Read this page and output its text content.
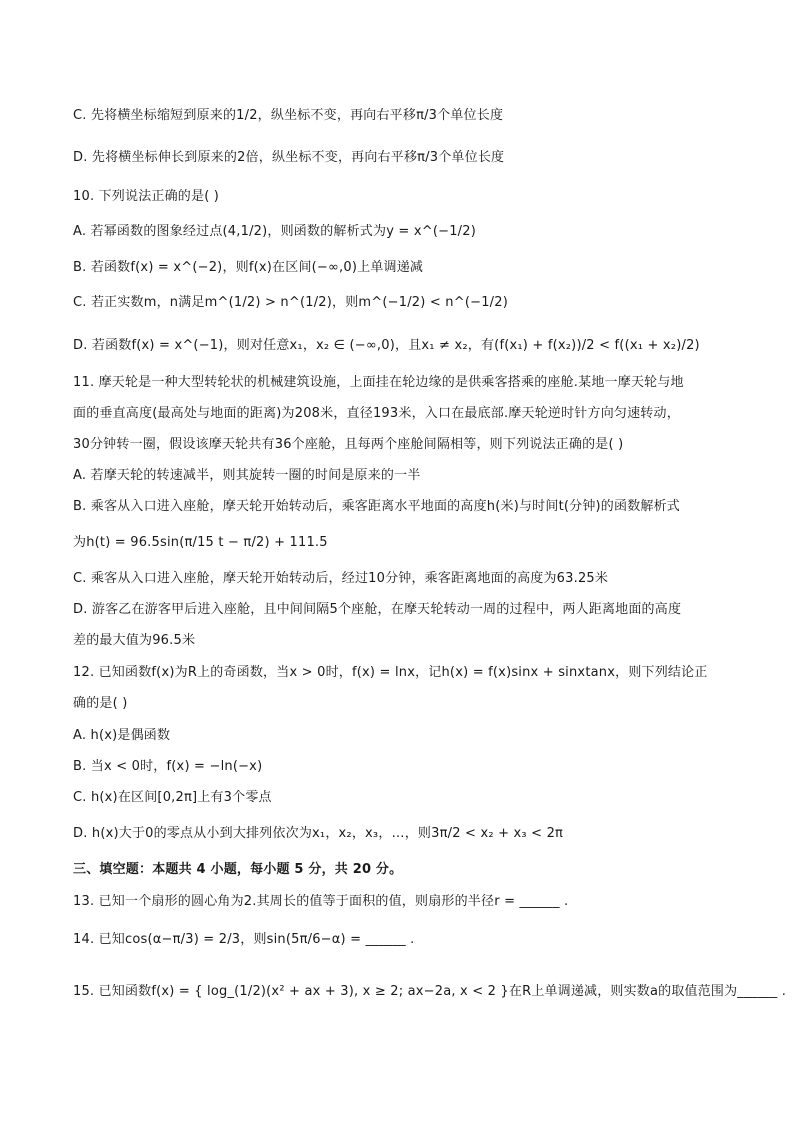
C. 先将横坐标缩短到原来的1/2，纵坐标不变，再向右平移π/3个单位长度
D. 先将横坐标伸长到原来的2倍，纵坐标不变，再向右平移π/3个单位长度
10. 下列说法正确的是( )
A. 若幂函数的图象经过点(4,1/2)，则函数的解析式为y = x^(−1/2)
B. 若函数f(x) = x^(−2)，则f(x)在区间(−∞,0)上单调递减
C. 若正实数m，n满足m^(1/2) > n^(1/2)，则m^(−1/2) < n^(−1/2)
D. 若函数f(x) = x^(−1)，则对任意x₁，x₂ ∈ (−∞,0)，且x₁ ≠ x₂，有(f(x₁) + f(x₂))/2 < f((x₁ + x₂)/2)
11. 摩天轮是一种大型转轮状的机械建筑设施，上面挂在轮边缘的是供乘客搭乘的座舱.某地一摩天轮与地
面的垂直高度(最高处与地面的距离)为208米，直径193米，入口在最底部.摩天轮逆时针方向匀速转动，
30分钟转一圈，假设该摩天轮共有36个座舱，且每两个座舱间隔相等，则下列说法正确的是( )
A. 若摩天轮的转速减半，则其旋转一圈的时间是原来的一半
B. 乘客从入口进入座舱，摩天轮开始转动后，乘客距离水平地面的高度h(米)与时间t(分钟)的函数解析式
为h(t) = 96.5sin(π/15 t − π/2) + 111.5
C. 乘客从入口进入座舱，摩天轮开始转动后，经过10分钟，乘客距离地面的高度为63.25米
D. 游客乙在游客甲后进入座舱，且中间间隔5个座舱，在摩天轮转动一周的过程中，两人距离地面的高度
差的最大值为96.5米
12. 已知函数f(x)为R上的奇函数，当x > 0时，f(x) = lnx，记h(x) = f(x)sinx + sinxtanx，则下列结论正
确的是( )
A. h(x)是偶函数
B. 当x < 0时，f(x) = −ln(−x)
C. h(x)在区间[0,2π]上有3个零点
D. h(x)大于0的零点从小到大排列依次为x₁，x₂，x₃，…，则3π/2 < x₂ + x₃ < 2π
三、填空题：本题共 4 小题，每小题 5 分，共 20 分。
13. 已知一个扇形的圆心角为2.其周长的值等于面积的值，则扇形的半径r = ______ .
14. 已知cos(α−π/3) = 2/3，则sin(5π/6−α) = ______ .
15. 已知函数f(x) = { log_(1/2)(x² + ax + 3), x ≥ 2; ax−2a, x < 2 }在R上单调递减，则实数a的取值范围为______ .
